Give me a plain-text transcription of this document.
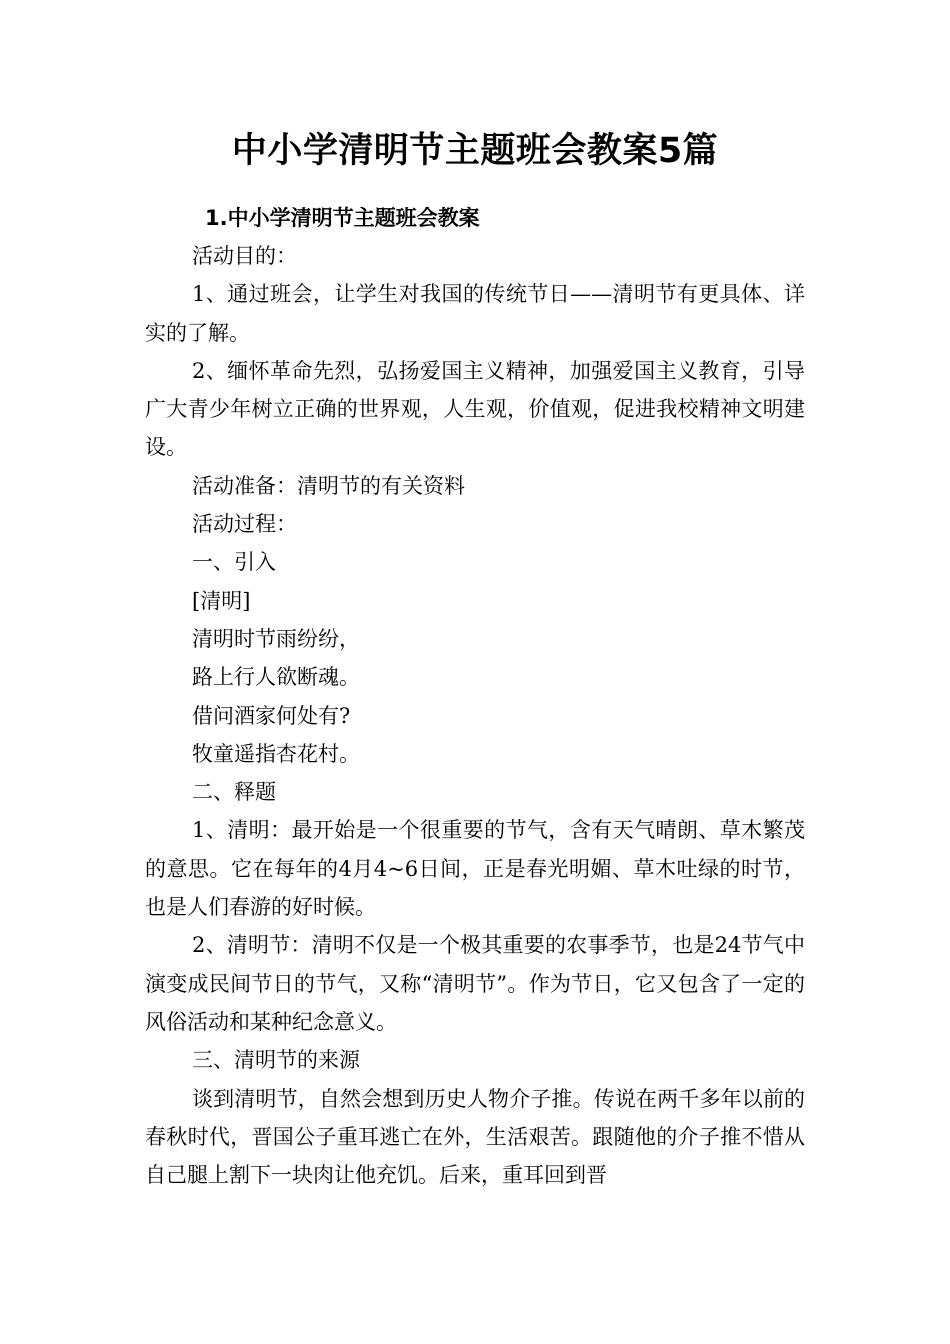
中小学清明节主题班会教案5篇
1.中小学清明节主题班会教案

活动目的：

1、通过班会，让学生对我国的传统节日——清明节有更具体、详实的了解。

2、缅怀革命先烈，弘扬爱国主义精神，加强爱国主义教育，引导广大青少年树立正确的世界观，人生观，价值观，促进我校精神文明建设。

活动准备：清明节的有关资料

活动过程：

一、引入

[清明]

清明时节雨纷纷，

路上行人欲断魂。

借问酒家何处有?

牧童遥指杏花村。

二、释题

1、清明：最开始是一个很重要的节气，含有天气晴朗、草木繁茂的意思。它在每年的4月4~6日间，正是春光明媚、草木吐绿的时节，也是人们春游的好时候。

2、清明节：清明不仅是一个极其重要的农事季节，也是24节气中演变成民间节日的节气，又称“清明节”。作为节日，它又包含了一定的风俗活动和某种纪念意义。

三、清明节的来源

谈到清明节，自然会想到历史人物介子推。传说在两千多年以前的春秋时代，晋国公子重耳逃亡在外，生活艰苦。跟随他的介子推不惜从自己腿上割下一块肉让他充饥。后来，重耳回到晋
